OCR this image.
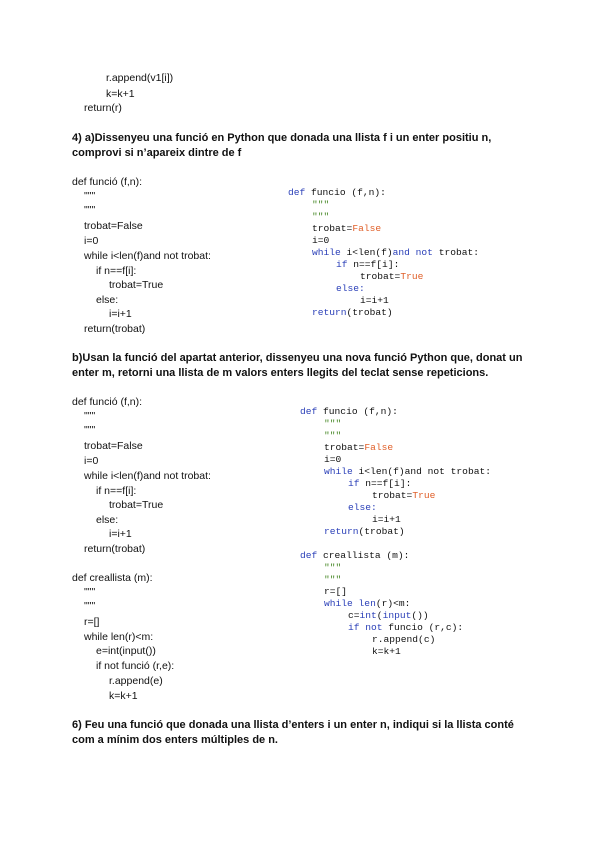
r.append(v1[i])
k=k+1
return(r)
4) a)Dissenyeu una funció en Python que donada una llista f i un enter positiu n,
comprovi si n’apareix dintre de f
def funció (f,n):
"""
"""
trobat=False
i=0
while i<len(f)and not trobat:
if n==f[i]:
trobat=True
else:
i=i+1
return(trobat)
def funcio (f,n):
"""
"""
trobat=False
i=0
while i<len(f)and not trobat:
if n==f[i]:
trobat=True
else:
i=i+1
return(trobat)
b)Usan la funció del apartat anterior, dissenyeu una nova funció Python que, donat un
enter m, retorni una llista de m valors enters llegits del teclat sense repeticions.
def funció (f,n):
"""
"""
trobat=False
i=0
while i<len(f)and not trobat:
if n==f[i]:
trobat=True
else:
i=i+1
return(trobat)
def creallista (m):
"""
"""
r=[]
while len(r)<m:
e=int(input())
if not funció (r,e):
r.append(e)
k=k+1
def funcio (f,n):
"""
"""
trobat=False
i=0
while i<len(f)and not trobat:
if n==f[i]:
trobat=True
else:
i=i+1
return(trobat)
def creallista (m):
"""
"""
r=[]
while len(r)<m:
c=int(input())
if not funcio (r,c):
r.append(c)
k=k+1
6) Feu una funció que donada una llista d’enters i un enter n, indiqui si la llista conté
com a mínim dos enters múltiples de n.
